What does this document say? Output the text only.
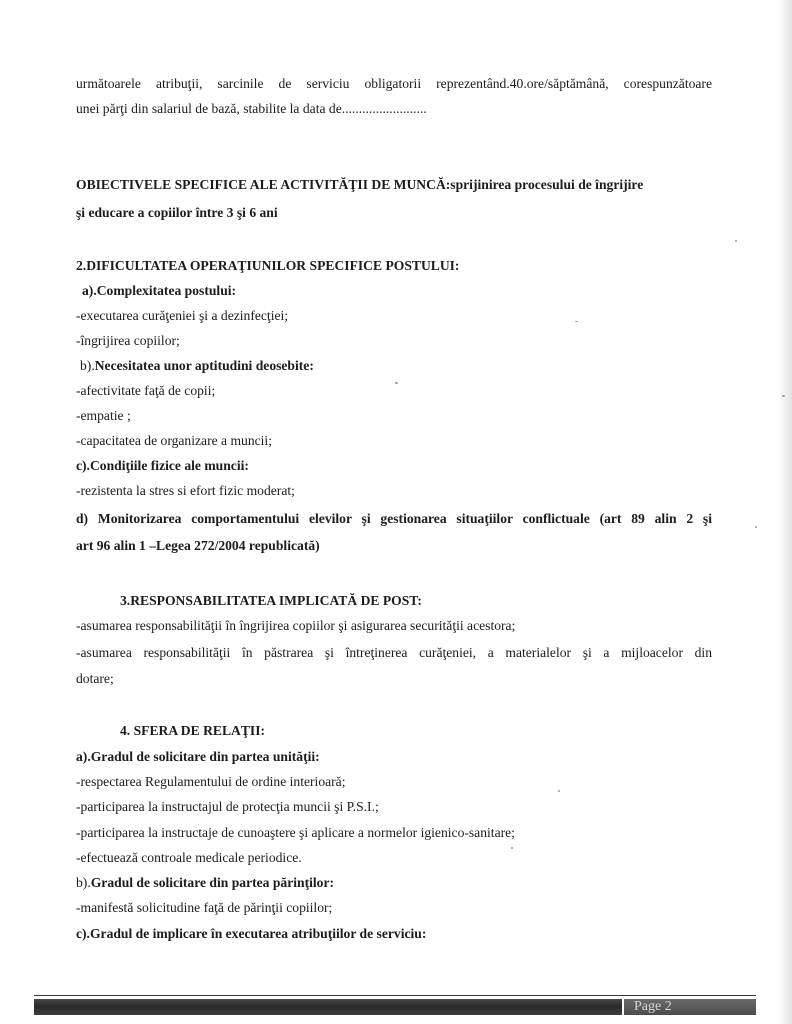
următoarele atribuţii, sarcinile de serviciu obligatorii reprezentând.40.ore/săptămână, corespunzătoare
unei părţi din salariul de bază, stabilite la data de.........................
OBIECTIVELE SPECIFICE ALE ACTIVITĂŢII DE MUNCĂ:sprijinirea procesului de îngrijire
şi educare a copiilor între 3 şi 6 ani
2.DIFICULTATEA OPERAŢIUNILOR SPECIFICE POSTULUI:
a).Complexitatea postului:
-executarea curăţeniei şi a dezinfecţiei;
-îngrijirea copiilor;
b).Necesitatea unor aptitudini deosebite:
-afectivitate faţă de copii;
-empatie ;
-capacitatea de organizare a muncii;
c).Condiţiile fizice ale muncii:
-rezistenta la stres si efort fizic moderat;
d) Monitorizarea comportamentului elevilor şi gestionarea situaţiilor conflictuale (art 89 alin 2 şi
art 96 alin 1 –Legea 272/2004 republicată)
3.RESPONSABILITATEA IMPLICATĂ DE POST:
-asumarea responsabilităţii în îngrijirea copiilor şi asigurarea securităţii acestora;
-asumarea responsabilităţii în păstrarea şi întreţinerea curăţeniei, a materialelor şi a mijloacelor din
dotare;
4. SFERA DE RELAŢII:
a).Gradul de solicitare din partea unităţii:
-respectarea Regulamentului de ordine interioară;
-participarea la instructajul de protecţia muncii şi P.S.I.;
-participarea la instructaje de cunoaştere şi aplicare a normelor igienico-sanitare;
-efectuează controale medicale periodice.
b).Gradul de solicitare din partea părinţilor:
-manifestă solicitudine faţă de părinţii copiilor;
c).Gradul de implicare în executarea atribuţiilor de serviciu:
Page 2
